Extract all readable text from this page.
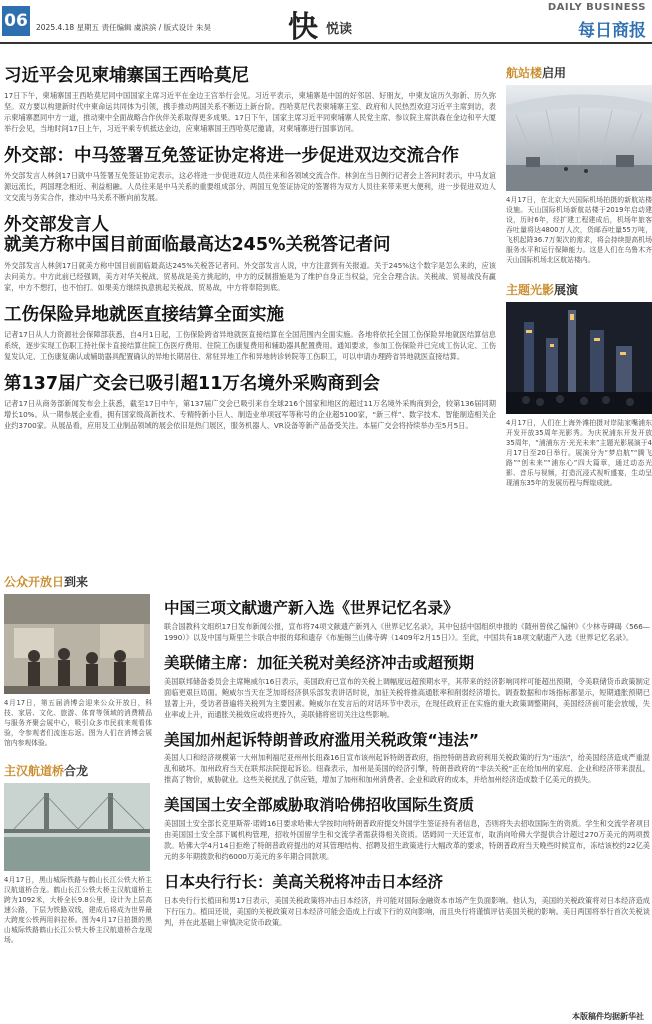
06 2025.4.18 星期五 责任编辑 虞滨滨 / 版式设计 朱昊	快 悦读
DAILY BUSINESS
每日商报
习近平会见柬埔寨国王西哈莫尼
17日下午，柬埔寨国王西哈莫尼同中国国家主席习近平在金边王宫举行会见。习近平表示，柬埔寨是中国的好邻居、好朋友，中柬友谊历久弥新、历久弥坚。双方要以构建新时代中柬命运共同体为引领，携手推动两国关系不断迈上新台阶。西哈莫尼代表柬埔寨王室、政府和人民热烈欢迎习近平主席到访，表示柬埔寨愿同中方一道，推动柬中全面战略合作伙伴关系取得更多成果。17日下午，国家主席习近平同柬埔寨人民党主席、参议院主席洪森在金边和平大厦举行会见，当地时间17日上午，习近平乘专机抵达金边，应柬埔寨国王西哈莫尼邀请，对柬埔寨进行国事访问。
外交部：中马签署互免签证协定将进一步促进双边交流合作
外交部发言人林剑17日就中马签署互免签证协定表示，这必将进一步促进双边人员往来和各领域交流合作。林剑在当日例行记者会上答问时表示，中马友谊源远流长，两国理念相近、利益相融。人员往来是中马关系的重要组成部分，两国互免签证协定的签署将为双方人员往来带来更大便利，进一步促进双边人文交流与务实合作，推动中马关系不断向前发展。
外交部发言人
就美方称中国目前面临最高达245%关税答记者问
外交部发言人林剑17日就美方称中国目前面临最高达245%关税答记者问。外交部发言人说，中方注意到有关报道。关于245%这个数字是怎么来的，应该去问美方。中方此前已经强调，美方对华关税战、贸易战是美方挑起的，中方的反制措施是为了维护自身正当权益，完全合理合法。关税战、贸易战没有赢家，中方不想打，也不怕打。如果美方继续执意挑起关税战、贸易战，中方将奉陪到底。
工伤保险异地就医直接结算全面实施
记者17日从人力资源社会保障部获悉，自4月1日起，工伤保险跨省异地就医直接结算在全国范围内全面实施。各地将依托全国工伤保险异地就医结算信息系统，逐步实现工伤职工持社保卡直接结算住院工伤医疗费用、住院工伤康复费用和辅助器具配置费用。通知要求，参加工伤保险并已完成工伤认定、工伤复发认定、工伤康复确认或辅助器具配置确认的异地长期居住、常驻异地工作和异地转诊转院等工伤职工，可以申请办理跨省异地就医直接结算。
第137届广交会已吸引超11万名境外采购商到会
记者17日从商务部新闻发布会上获悉，截至17日中午，第137届广交会已吸引来自全球216个国家和地区的超过11万名境外采购商到会，较第136届同期增长10%。从一期参展企业看，拥有国家级高新技术、专精特新小巨人、制造业单项冠军等称号的企业超5100家，“新三样”、数字技术、智能制造相关企业约3700家。从展品看，应用及工业制品领域的展会依旧是热门展区，服务机器人、VR设备等新产品备受关注。本届广交会将持续举办至5月5日。
航站楼启用
4月17日，在北京大兴国际机场拍摄的新航站楼设施。天山国际机场新航站楼于2019年启动建设，历时6年，经扩建工程建成后，机场年旅客吞吐量将达4800万人次，货邮吞吐量55万吨，飞机起降36.7万架次的需求，将会持续提高机场服务水平和运行保障能力。这是人们在乌鲁木齐天山国际机场北区航站楼内。
主题光影展演
4月17日，人们在上海外滩拍摄对岸陆家嘴浦东开发开放35周年光影秀。为庆祝浦东开发开放35周年，“浦浦东方·光光未来”主题光影展演于4月17日至20日举行。展演分为“梦启航”“腾飞路”“创未来”“浦东心”四大篇章，通过动态光影、音乐与视频，打造沉浸式视听盛宴，生动呈现浦东35年的发展历程与辉煌成就。
公众开放日到来
4月17日，第五届消博会迎来公众开放日，科技、家居、文化、旅游、体育等领域的消费精品与服务齐聚会展中心，吸引众多市民前来观看体验，令参观者们流连忘返。图为人们在消博会展馆内参观体验。
主汉航道桥合龙
4月17日，黑山城际铁路与鹤山长江公铁大桥主汉航道桥合龙。鹤山长江公铁大桥主汉航道桥主跨为1092米，大桥全长9.8公里，设计为上层高速公路，下层为铁路双线，建成后将成为世界最大跨度公铁两用斜拉桥。图为4月17日拍摄的黑山城际铁路鹤山长江公铁大桥主汉航道桥合龙现场。
中国三项文献遗产新入选《世界记忆名录》
联合国教科文组织17日发布新闻公报，宣布将74项文献遗产新列入《世界记忆名录》，其中包括中国组织申报的《随州曾侯乙编钟》《少林寺碑碣（566—1990）》以及中国与斯里兰卡联合申报的郑和遗存《布施锡兰山佛寺碑（1409年2月15日）》。至此，中国共有18项文献遗产入选《世界记忆名录》。
美联储主席：加征关税对美经济冲击或超预期
美国联邦储备委员会主席鲍威尔16日表示，美国政府已宣布的关税上调幅度远超预期水平，其带来的经济影响同样可能超出预期，令美联储货币政策制定面临更艰巨局面。鲍威尔当天在芝加哥经济俱乐部发表讲话时说，加征关税将推高通胀率和削弱经济增长。调查数据和市场指标都显示，短期通胀预期已显著上升，受访者普遍将关税列为主要因素。鲍威尔在发言后的对话环节中表示，在现任政府正在实施的重大政策调整期间，美国经济前可能会放缓，失业率或上升，而通胀关税效应或将更持久，美联储将密切关注这些影响。
美国加州起诉特朗普政府滥用关税政策“违法”
美国人口和经济规模第一大州加利福尼亚州州长纽森16日宣布该州起诉特朗普政府，指控特朗普政府利用关税政策的行为“违法”，给美国经济造成严重混乱和破坏。加州政府当天在联邦法院提起诉讼。纽森表示，加州是美国的经济引擎，特朗普政府的“非法关税”正在给加州的家庭、企业和经济带来混乱，推高了物价，威胁就业。这些关税扰乱了供应链，增加了加州和加州消费者、企业和政府的成本，并给加州经济造成数千亿美元的损失。
美国国土安全部威胁取消哈佛招收国际生资质
美国国土安全部长克里斯蒂·诺姆16日要求哈佛大学按时向特朗普政府提交外国学生签证持有者信息，否则将失去招收国际生的资质。学生和交流学者项目由美国国土安全部下属机构管理，招收外国留学生和交流学者需获得相关资质。诺姆同一天还宣布，取消向哈佛大学提供合计超过270万美元的两项拨款。哈佛大学4月14日拒绝了特朗普政府提出的对其管理结构、招聘及招生政策进行大幅改革的要求，特朗普政府当天晚些时候宣布，冻结该校约22亿美元的多年期拨款和约6000万美元的多年期合同款项。
日本央行行长：美高关税将冲击日本经济
日本央行行长植田和男17日表示，美国关税政策将冲击日本经济，并可能对国际金融资本市场产生负面影响。他认为，美国的关税政策将对日本经济造成下行压力。植田还说，美国的关税政策对日本经济可能会造成上行或下行的双向影响，而且央行将谨慎评估美国关税的影响。美日两国将举行首次关税谈判，并在此基础上审慎决定货币政策。
本版稿件均据新华社
